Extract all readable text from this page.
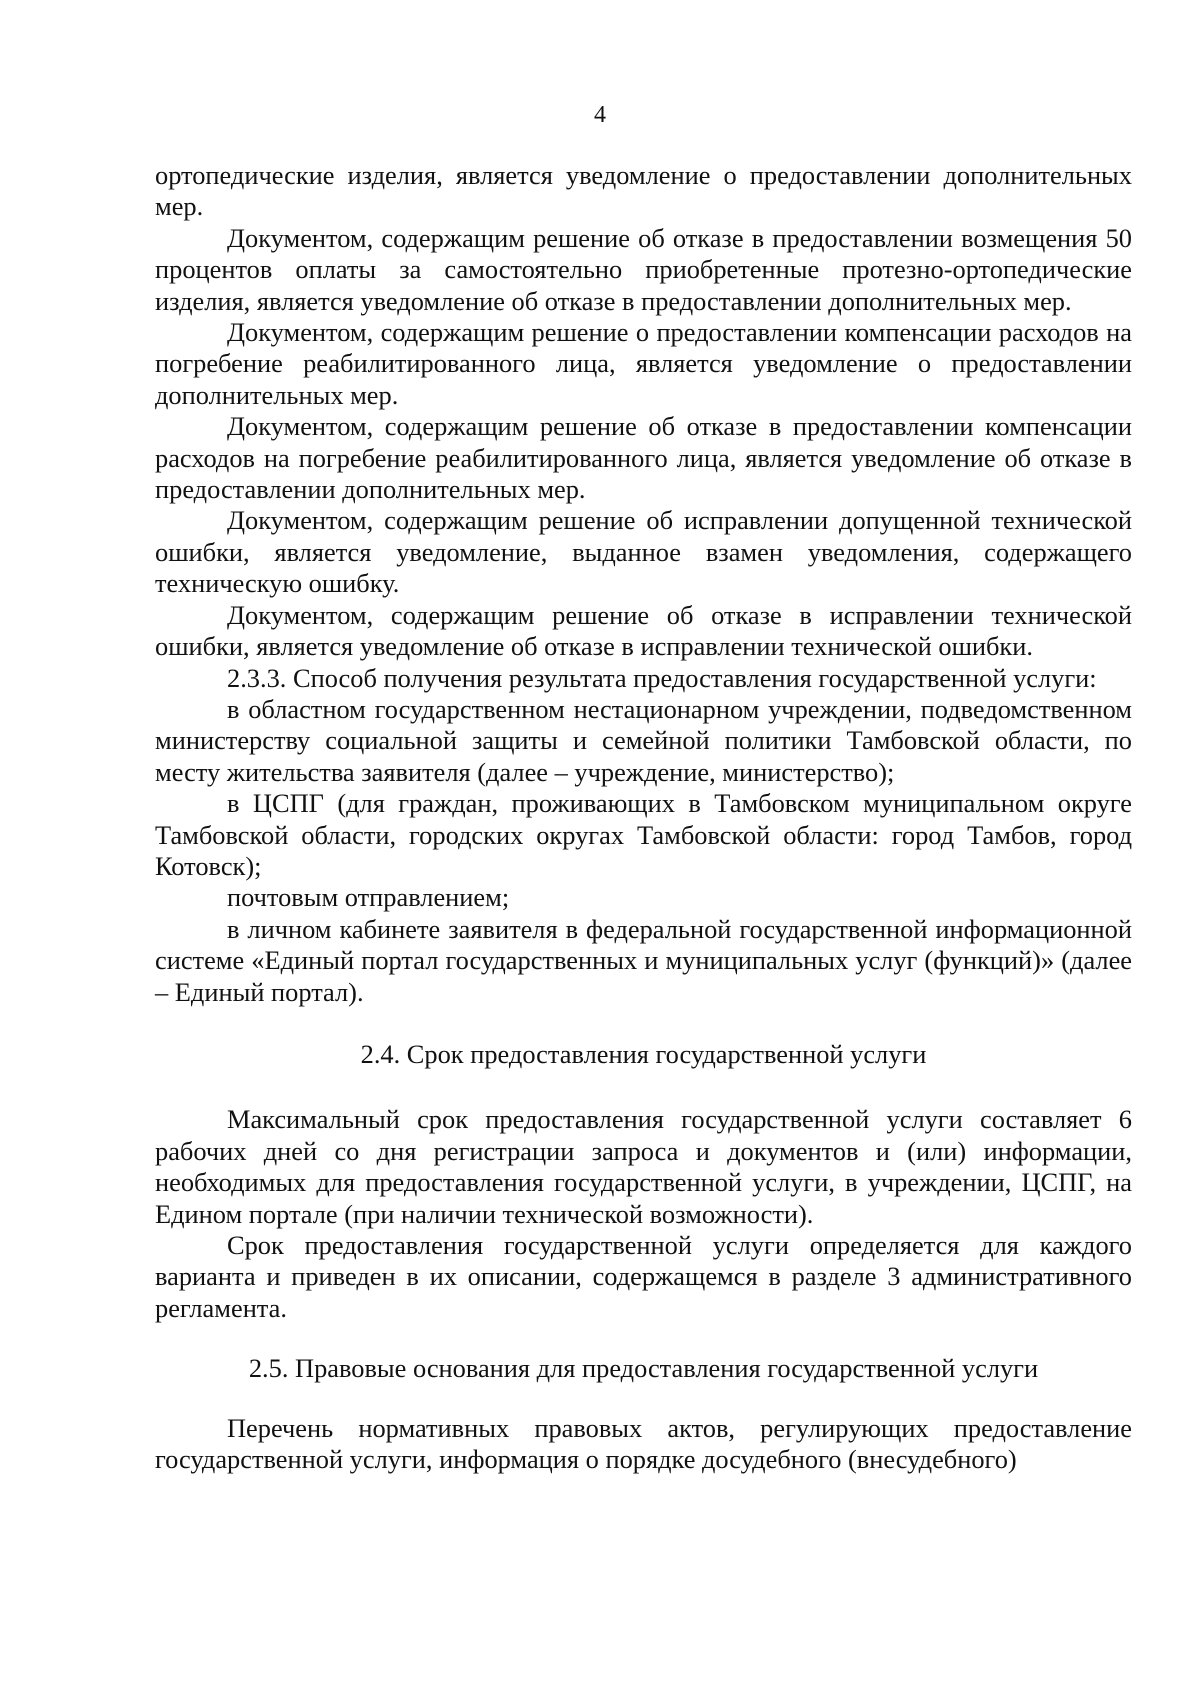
4

ортопедические изделия, является уведомление о предоставлении дополнительных мер.

Документом, содержащим решение об отказе в предоставлении возмещения 50 процентов оплаты за самостоятельно приобретенные протезно-ортопедические изделия, является уведомление об отказе в предоставлении дополнительных мер.

Документом, содержащим решение о предоставлении компенсации расходов на погребение реабилитированного лица, является уведомление о предоставлении дополнительных мер.

Документом, содержащим решение об отказе в предоставлении компенсации расходов на погребение реабилитированного лица, является уведомление об отказе в предоставлении дополнительных мер.

Документом, содержащим решение об исправлении допущенной технической ошибки, является уведомление, выданное взамен уведомления, содержащего техническую ошибку.

Документом, содержащим решение об отказе в исправлении технической ошибки, является уведомление об отказе в исправлении технической ошибки.

2.3.3. Способ получения результата предоставления государственной услуги:

в областном государственном нестационарном учреждении, подведомственном министерству социальной защиты и семейной политики Тамбовской области, по месту жительства заявителя (далее – учреждение, министерство);

в ЦСПГ (для граждан, проживающих в Тамбовском муниципальном округе Тамбовской области, городских округах Тамбовской области: город Тамбов, город Котовск);

почтовым отправлением;

в личном кабинете заявителя в федеральной государственной информационной системе «Единый портал государственных и муниципальных услуг (функций)» (далее – Единый портал).

2.4. Срок предоставления государственной услуги

Максимальный срок предоставления государственной услуги составляет 6 рабочих дней со дня регистрации запроса и документов и (или) информации, необходимых для предоставления государственной услуги, в учреждении, ЦСПГ, на Едином портале (при наличии технической возможности).

Срок предоставления государственной услуги определяется для каждого варианта и приведен в их описании, содержащемся в разделе 3 административного регламента.

2.5. Правовые основания для предоставления государственной услуги

Перечень нормативных правовых актов, регулирующих предоставление государственной услуги, информация о порядке досудебного (внесудебного)
